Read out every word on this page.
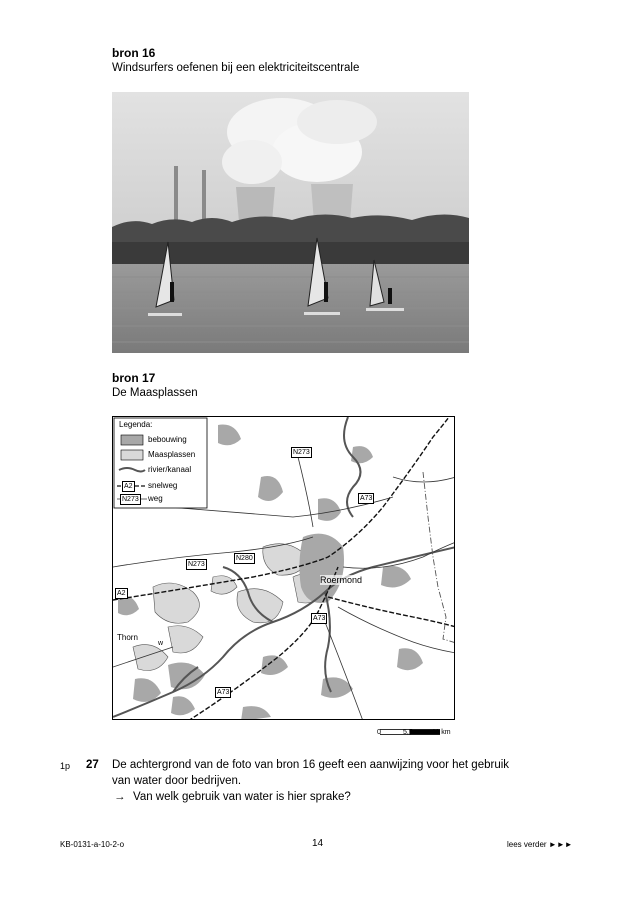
bron 16
Windsurfers oefenen bij een elektriciteitscentrale
bron 17
De Maasplassen
Legenda:
bebouwing
Maasplassen
rivier/kanaal
A2 snelweg
N273 weg
Roermond
Thorn
A2
A73
A73
A73
N273
N273
N280
w
0	5,5	11 km
1p 27 De achtergrond van de foto van bron 16 geeft een aanwijzing voor het gebruik
van water door bedrijven.
→ Van welk gebruik van water is hier sprake?
KB-0131-a-10-2-o	14	lees verder ►►►
